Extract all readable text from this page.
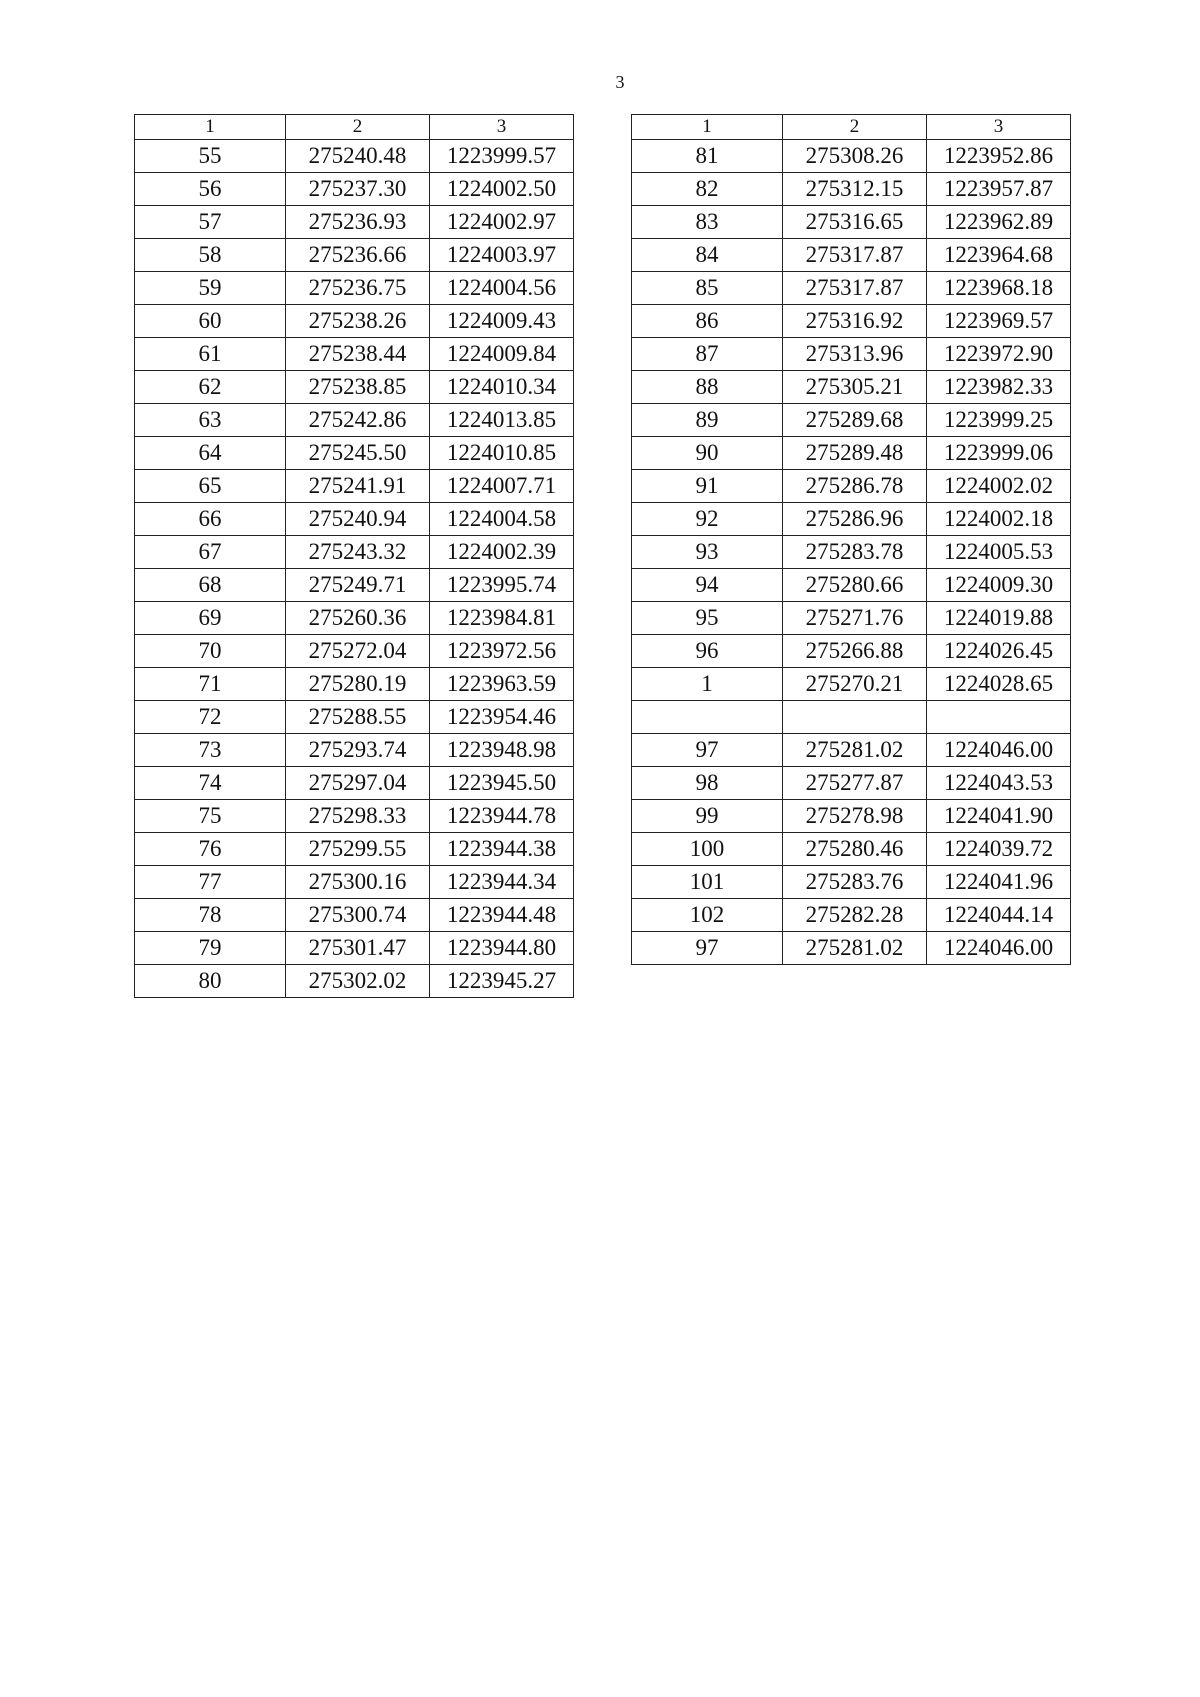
3
1	2	3
55	275240.48	1223999.57
56	275237.30	1224002.50
57	275236.93	1224002.97
58	275236.66	1224003.97
59	275236.75	1224004.56
60	275238.26	1224009.43
61	275238.44	1224009.84
62	275238.85	1224010.34
63	275242.86	1224013.85
64	275245.50	1224010.85
65	275241.91	1224007.71
66	275240.94	1224004.58
67	275243.32	1224002.39
68	275249.71	1223995.74
69	275260.36	1223984.81
70	275272.04	1223972.56
71	275280.19	1223963.59
72	275288.55	1223954.46
73	275293.74	1223948.98
74	275297.04	1223945.50
75	275298.33	1223944.78
76	275299.55	1223944.38
77	275300.16	1223944.34
78	275300.74	1223944.48
79	275301.47	1223944.80
80	275302.02	1223945.27
1	2	3
81	275308.26	1223952.86
82	275312.15	1223957.87
83	275316.65	1223962.89
84	275317.87	1223964.68
85	275317.87	1223968.18
86	275316.92	1223969.57
87	275313.96	1223972.90
88	275305.21	1223982.33
89	275289.68	1223999.25
90	275289.48	1223999.06
91	275286.78	1224002.02
92	275286.96	1224002.18
93	275283.78	1224005.53
94	275280.66	1224009.30
95	275271.76	1224019.88
96	275266.88	1224026.45
1	275270.21	1224028.65

97	275281.02	1224046.00
98	275277.87	1224043.53
99	275278.98	1224041.90
100	275280.46	1224039.72
101	275283.76	1224041.96
102	275282.28	1224044.14
97	275281.02	1224046.00
